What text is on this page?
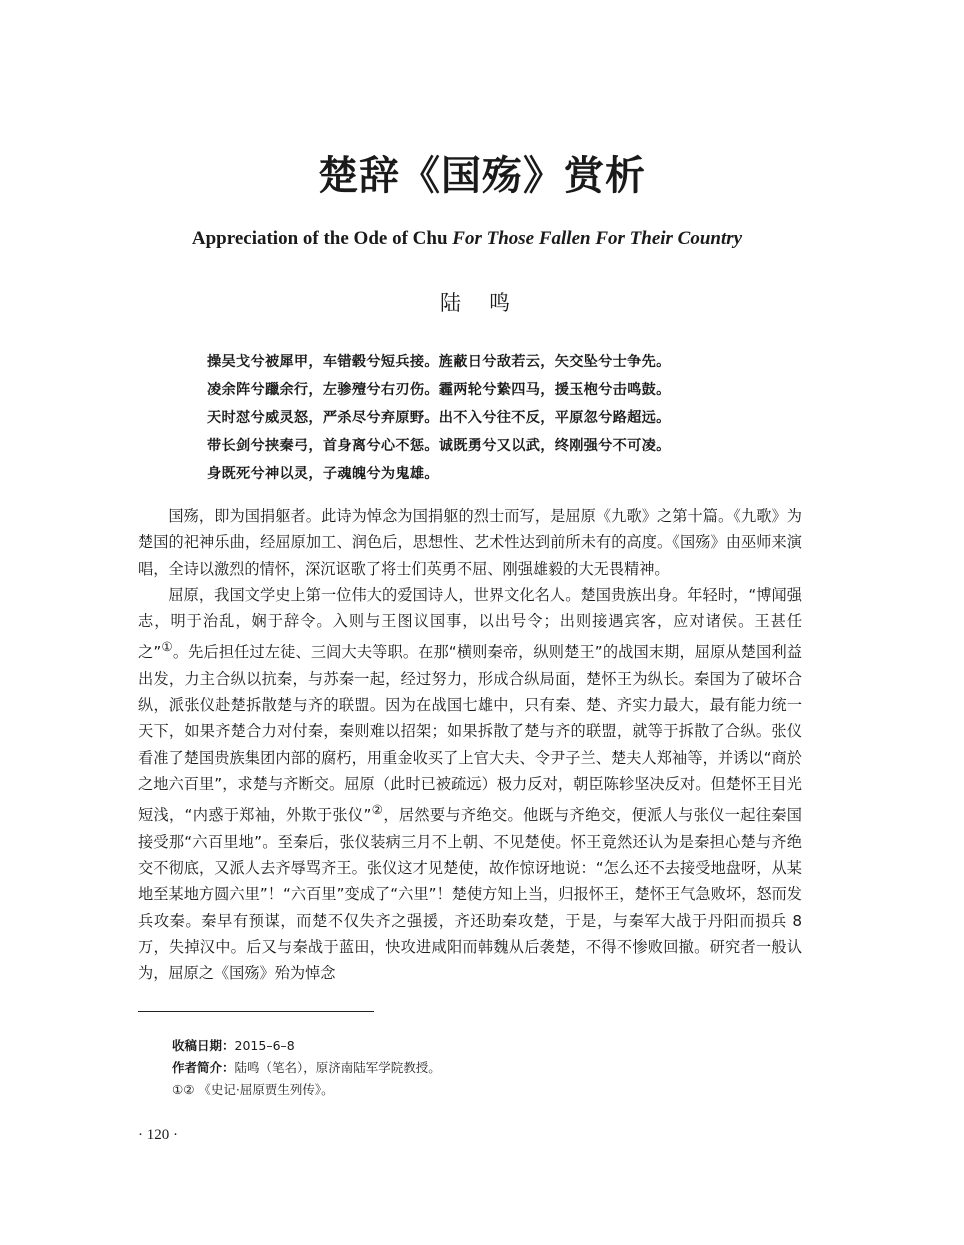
楚辞《国殇》赏析
Appreciation of the Ode of Chu For Those Fallen For Their Country
陆鸣
操吴戈兮被犀甲，车错毂兮短兵接。旌蔽日兮敌若云，矢交坠兮士争先。
凌余阵兮躐余行，左骖殪兮右刃伤。霾两轮兮絷四马，援玉枹兮击鸣鼓。
天时怼兮威灵怒，严杀尽兮弃原野。出不入兮往不反，平原忽兮路超远。
带长剑兮挟秦弓，首身离兮心不惩。诚既勇兮又以武，终刚强兮不可凌。
身既死兮神以灵，子魂魄兮为鬼雄。

国殇，即为国捐躯者。此诗为悼念为国捐躯的烈士而写，是屈原《九歌》之第十篇。《九歌》为楚国的祀神乐曲，经屈原加工、润色后，思想性、艺术性达到前所未有的高度。《国殇》由巫师来演唱，全诗以激烈的情怀，深沉讴歌了将士们英勇不屈、刚强雄毅的大无畏精神。

屈原，我国文学史上第一位伟大的爱国诗人，世界文化名人。楚国贵族出身。年轻时，“博闻强志，明于治乱，娴于辞令。入则与王图议国事，以出号令；出则接遇宾客，应对诸侯。王甚任之”①。先后担任过左徒、三闾大夫等职。在那“横则秦帝，纵则楚王”的战国末期，屈原从楚国利益出发，力主合纵以抗秦，与苏秦一起，经过努力，形成合纵局面，楚怀王为纵长。秦国为了破坏合纵，派张仪赴楚拆散楚与齐的联盟。因为在战国七雄中，只有秦、楚、齐实力最大，最有能力统一天下，如果齐楚合力对付秦，秦则难以招架；如果拆散了楚与齐的联盟，就等于拆散了合纵。张仪看准了楚国贵族集团内部的腐朽，用重金收买了上官大夫、令尹子兰、楚夫人郑袖等，并诱以“商於之地六百里”，求楚与齐断交。屈原（此时已被疏远）极力反对，朝臣陈轸坚决反对。但楚怀王目光短浅，“内惑于郑袖，外欺于张仪”②，居然要与齐绝交。他既与齐绝交，便派人与张仪一起往秦国接受那“六百里地”。至秦后，张仪装病三月不上朝、不见楚使。怀王竟然还认为是秦担心楚与齐绝交不彻底，又派人去齐辱骂齐王。张仪这才见楚使，故作惊讶地说：“怎么还不去接受地盘呀，从某地至某地方圆六里”！“六百里”变成了“六里”！楚使方知上当，归报怀王，楚怀王气急败坏，怒而发兵攻秦。秦早有预谋，而楚不仅失齐之强援，齐还助秦攻楚，于是，与秦军大战于丹阳而损兵 8 万，失掉汉中。后又与秦战于蓝田，快攻进咸阳而韩魏从后袭楚，不得不惨败回撤。研究者一般认为，屈原之《国殇》殆为悼念

收稿日期：2015–6–8
作者简介：陆鸣（笔名），原济南陆军学院教授。
①② 《史记·屈原贾生列传》。
· 120 ·
